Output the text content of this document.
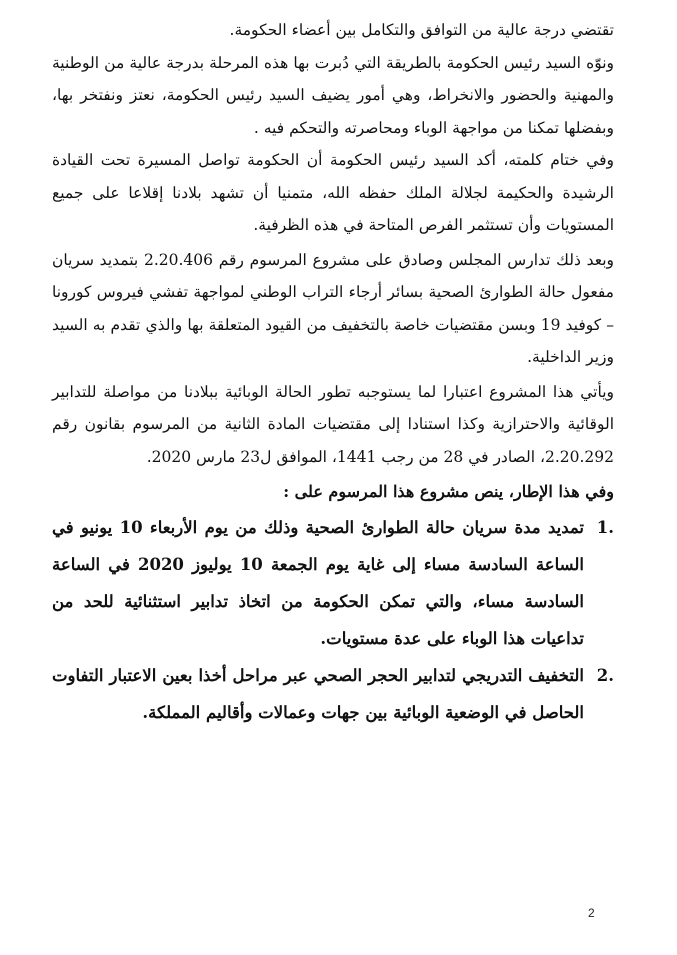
تقتضي درجة عالية من التوافق والتكامل بين أعضاء الحكومة.

ونوّه السيد رئيس الحكومة بالطريقة التي دُبرت بها هذه المرحلة بدرجة عالية من الوطنية والمهنية والحضور والانخراط، وهي أمور يضيف السيد رئيس الحكومة، نعتز ونفتخر بها، وبفضلها تمكنا من مواجهة الوباء ومحاصرته والتحكم فيه .

وفي ختام كلمته، أكد السيد رئيس الحكومة أن الحكومة تواصل المسيرة تحت القيادة الرشيدة والحكيمة لجلالة الملك حفظه الله، متمنيا أن تشهد بلادنا إقلاعا على جميع المستويات وأن تستثمر الفرص المتاحة في هذه الظرفية.

وبعد ذلك تدارس المجلس وصادق على مشروع المرسوم رقم 2.20.406 بتمديد سريان مفعول حالة الطوارئ الصحية بسائر أرجاء التراب الوطني لمواجهة تفشي فيروس كورونا – كوفيد 19 وبسن مقتضيات خاصة بالتخفيف من القيود المتعلقة بها والذي تقدم به السيد وزير الداخلية.

ويأتي هذا المشروع اعتبارا لما يستوجبه تطور الحالة الوبائية ببلادنا من مواصلة للتدابير الوقائية والاحترازية وكذا استنادا إلى مقتضيات المادة الثانية من المرسوم بقانون رقم 2.20.292، الصادر في 28 من رجب 1441، الموافق ل23 مارس 2020.

وفي هذا الإطار، ينص مشروع هذا المرسوم على :

1.
تمديد مدة سريان حالة الطوارئ الصحية وذلك من يوم الأربعاء 10 يونيو في الساعة السادسة مساء إلى غاية يوم الجمعة 10 يوليوز 2020 في الساعة السادسة مساء، والتي تمكن الحكومة من اتخاذ تدابير استثنائية للحد من تداعيات هذا الوباء على عدة مستويات.
2.
التخفيف التدريجي لتدابير الحجر الصحي عبر مراحل أخذا بعين الاعتبار التفاوت الحاصل في الوضعية الوبائية بين جهات وعمالات وأقاليم المملكة.
2
